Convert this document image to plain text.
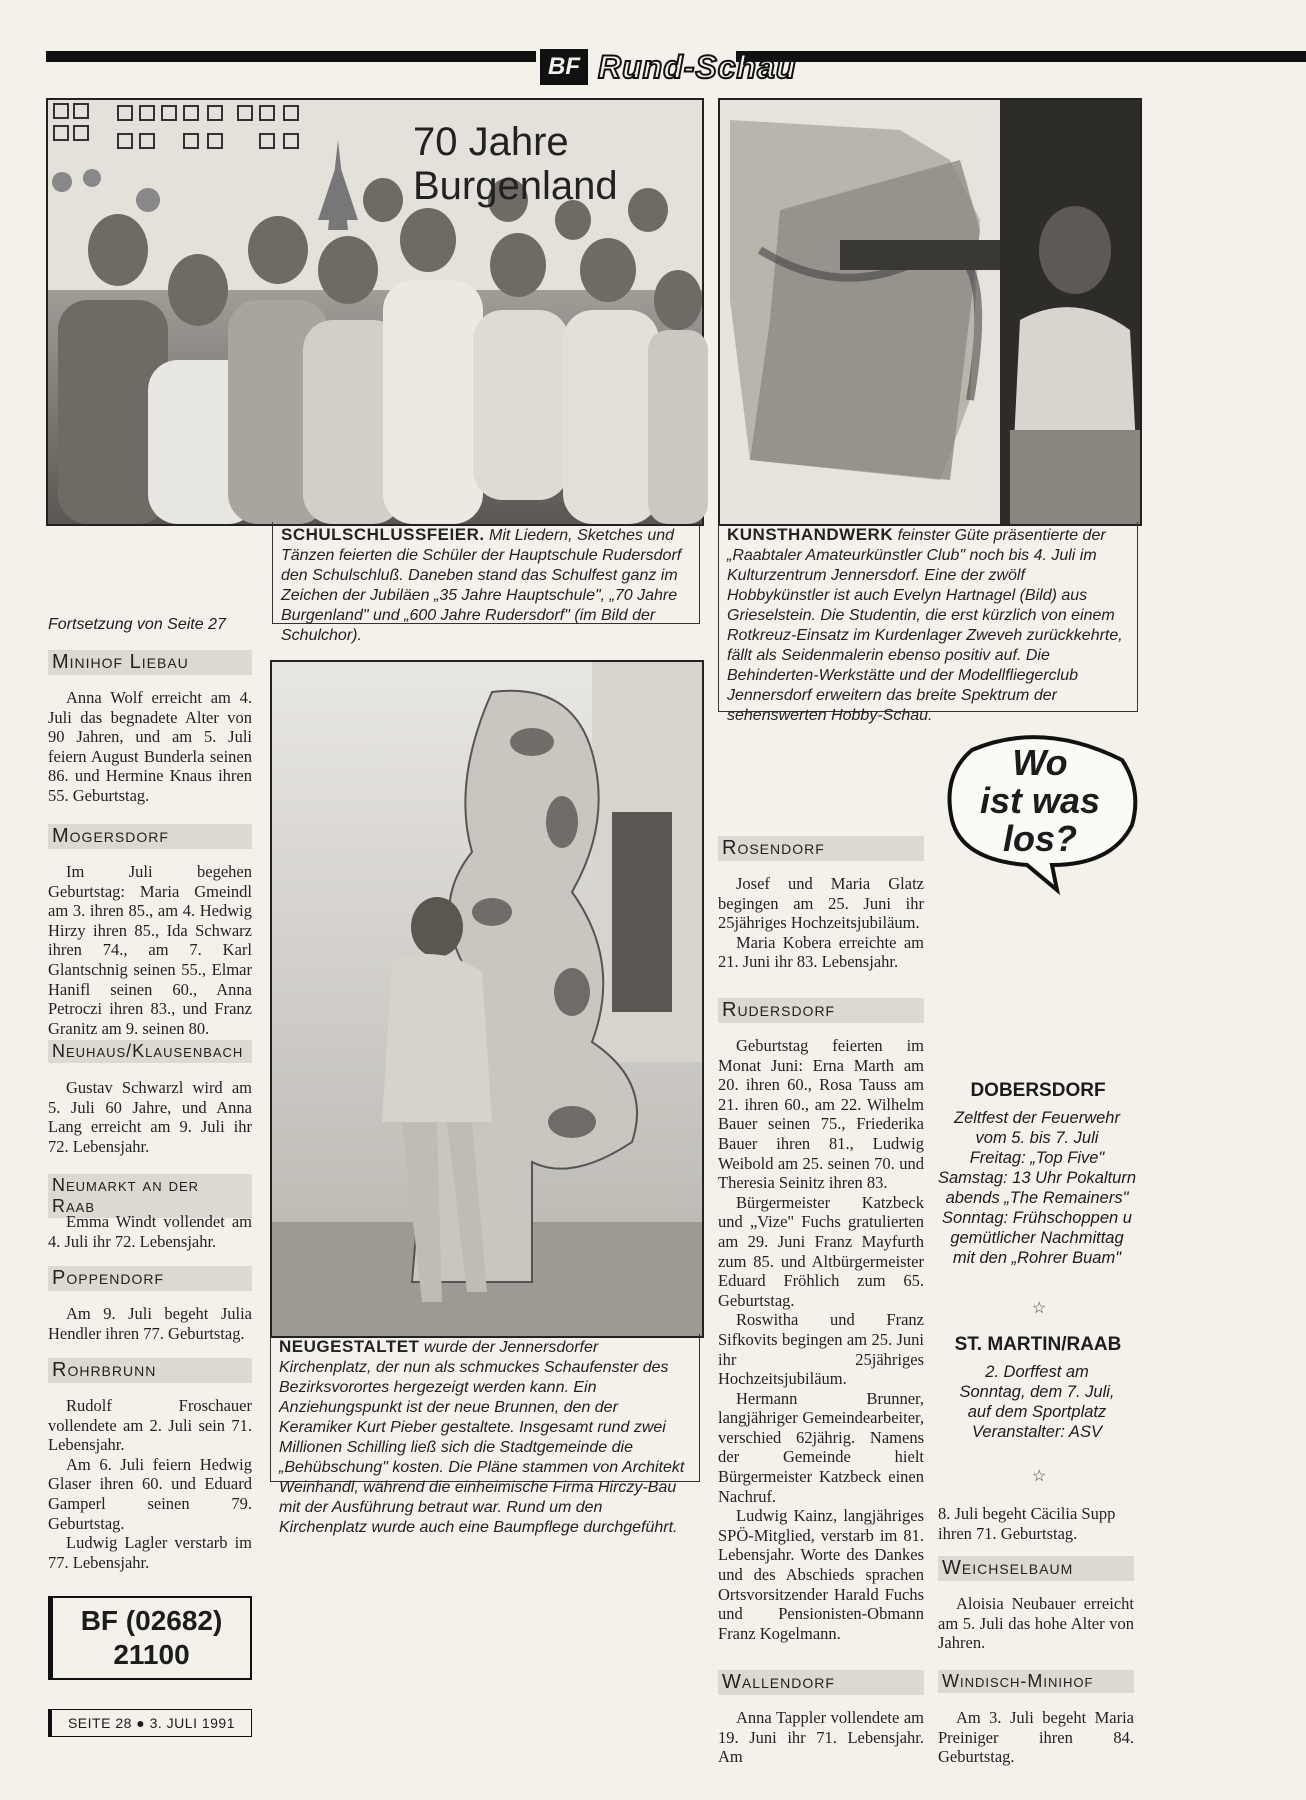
BF Rund-Schau
70 Jahre Burgenland
SCHULSCHLUSSFEIER. Mit Liedern, Sketches und Tänzen feierten die Schüler der Hauptschule Rudersdorf den Schulschluß. Daneben stand das Schulfest ganz im Zeichen der Jubiläen „35 Jahre Hauptschule", „70 Jahre Burgenland" und „600 Jahre Rudersdorf" (im Bild der Schulchor).
KUNSTHANDWERK feinster Güte präsentierte der „Raabtaler Amateurkünstler Club" noch bis 4. Juli im Kulturzentrum Jennersdorf. Eine der zwölf Hobbykünstler ist auch Evelyn Hartnagel (Bild) aus Grieselstein. Die Studentin, die erst kürzlich von einem Rotkreuz-Einsatz im Kurdenlager Zweveh zurückkehrte, fällt als Seidenmalerin ebenso positiv auf. Die Behinderten-Werkstätte und der Modellfliegerclub Jennersdorf erweitern das breite Spektrum der sehenswerten Hobby-Schau.
NEUGESTALTET wurde der Jennersdorfer Kirchenplatz, der nun als schmuckes Schaufenster des Bezirksvorortes hergezeigt werden kann. Ein Anziehungspunkt ist der neue Brunnen, den der Keramiker Kurt Pieber gestaltete. Insgesamt rund zwei Millionen Schilling ließ sich die Stadtgemeinde die „Behübschung" kosten. Die Pläne stammen von Architekt Weinhandl, während die einheimische Firma Hirczy-Bau mit der Ausführung betraut war. Rund um den Kirchenplatz wurde auch eine Baumpflege durchgeführt.
Fortsetzung von Seite 27
Minihof Liebau

Anna Wolf erreicht am 4. Juli das begnadete Alter von 90 Jahren, und am 5. Juli feiern August Bunderla seinen 86. und Hermine Knaus ihren 55. Geburtstag.

Mogersdorf

Im Juli begehen Geburtstag: Maria Gmeindl am 3. ihren 85., am 4. Hedwig Hirzy ihren 85., Ida Schwarz ihren 74., am 7. Karl Glantschnig seinen 55., Elmar Hanifl seinen 60., Anna Petroczi ihren 83., und Franz Granitz am 9. seinen 80.

Neuhaus/Klausenbach

Gustav Schwarzl wird am 5. Juli 60 Jahre, und Anna Lang erreicht am 9. Juli ihr 72. Lebensjahr.

Neumarkt an der Raab

Emma Windt vollendet am 4. Juli ihr 72. Lebensjahr.

Poppendorf

Am 9. Juli begeht Julia Hendler ihren 77. Geburtstag.

Rohrbrunn

Rudolf Froschauer vollendete am 2. Juli sein 71. Lebensjahr.

Am 6. Juli feiern Hedwig Glaser ihren 60. und Eduard Gamperl seinen 79. Geburtstag.

Ludwig Lagler verstarb im 77. Lebensjahr.

BF (02682) 21100
SEITE 28 ● 3. JULI 1991
Rosendorf

Josef und Maria Glatz begingen am 25. Juni ihr 25jähriges Hochzeitsjubiläum.

Maria Kobera erreichte am 21. Juni ihr 83. Lebensjahr.

Rudersdorf

Geburtstag feierten im Monat Juni: Erna Marth am 20. ihren 60., Rosa Tauss am 21. ihren 60., am 22. Wilhelm Bauer seinen 75., Friederika Bauer ihren 81., Ludwig Weibold am 25. seinen 70. und Theresia Seinitz ihren 83.

Bürgermeister Katzbeck und „Vize" Fuchs gratulierten am 29. Juni Franz Mayfurth zum 85. und Altbürgermeister Eduard Fröhlich zum 65. Geburtstag.

Roswitha und Franz Sifkovits begingen am 25. Juni ihr 25jähriges Hochzeitsjubiläum.

Hermann Brunner, langjähriger Gemeindearbeiter, verschied 62jährig. Namens der Gemeinde hielt Bürgermeister Katzbeck einen Nachruf.

Ludwig Kainz, langjähriges SPÖ-Mitglied, verstarb im 81. Lebensjahr. Worte des Dankes und des Abschieds sprachen Ortsvorsitzender Harald Fuchs und Pensionisten-Obmann Franz Kogelmann.

Wallendorf

Anna Tappler vollendete am 19. Juni ihr 71. Lebensjahr. Am

Wo
ist was
los?
DOBERSDORF
Zeltfest der Feuerwehr
vom 5. bis 7. Juli
Freitag: „Top Five"
Samstag: 13 Uhr Pokalturn
abends „The Remainers"
Sonntag: Frühschoppen u
gemütlicher Nachmittag
mit den „Rohrer Buam"
☆
ST. MARTIN/RAAB
2. Dorffest am
Sonntag, dem 7. Juli,
auf dem Sportplatz
Veranstalter: ASV
☆

8. Juli begeht Cäcilia Supp ihren 71. Geburtstag.

Weichselbaum

Aloisia Neubauer erreicht am 5. Juli das hohe Alter von Jahren.

Windisch-Minihof

Am 3. Juli begeht Maria Preiniger ihren 84. Geburtstag.
